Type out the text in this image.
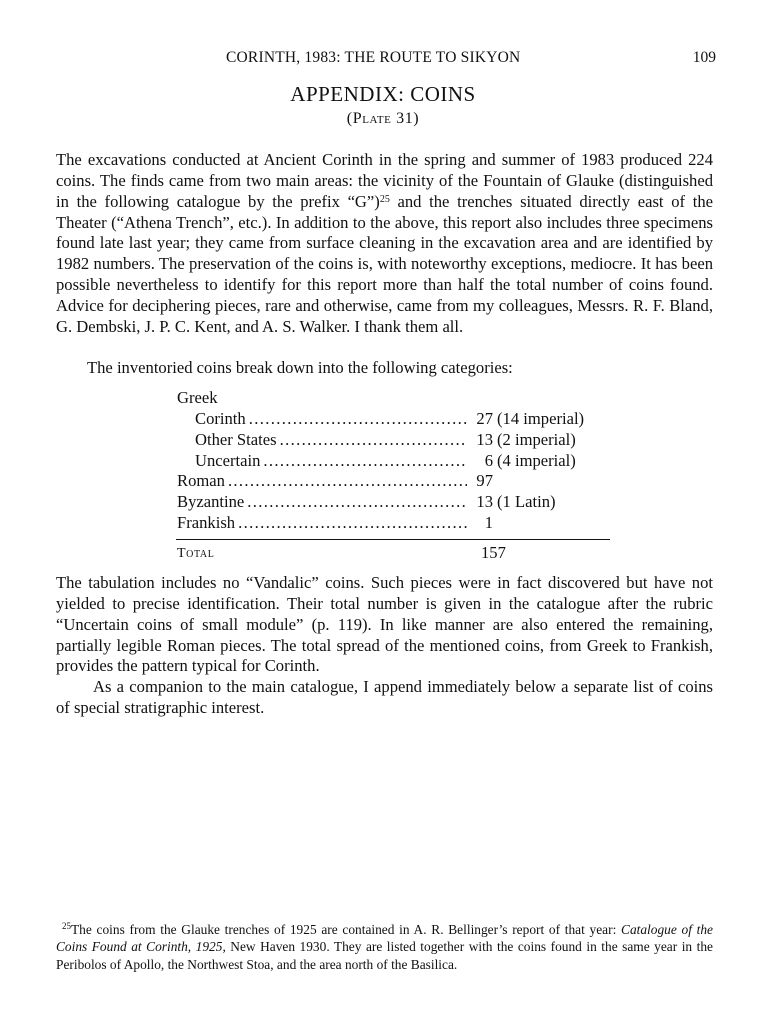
CORINTH, 1983: THE ROUTE TO SIKYON	109
APPENDIX: COINS
(Plate 31)

The excavations conducted at Ancient Corinth in the spring and summer of 1983 produced 224 coins. The finds came from two main areas: the vicinity of the Fountain of Glauke (distinguished in the following catalogue by the prefix “G”)$^{25}$ and the trenches situated directly east of the Theater (“Athena Trench”, etc.). In addition to the above, this report also includes three specimens found late last year; they came from surface cleaning in the excavation area and are identified by 1982 numbers. The preservation of the coins is, with noteworthy exceptions, mediocre. It has been possible nevertheless to identify for this report more than half the total number of coins found. Advice for deciphering pieces, rare and otherwise, came from my colleagues, Messrs. R. F. Bland, G. Dembski, J. P. C. Kent, and A. S. Walker. I thank them all.

The inventoried coins break down into the following categories:

Greek
Corinth . . .	27 (14 imperial)
Other States . . .	13 (2 imperial)
Uncertain . . .	6 (4 imperial)
Roman . . .	97
Byzantine . . .	13 (1 Latin)
Frankish . . .	1
Total	157

The tabulation includes no “Vandalic” coins. Such pieces were in fact discovered but have not yielded to precise identification. Their total number is given in the catalogue after the rubric “Uncertain coins of small module” (p. 119). In like manner are also entered the remaining, partially legible Roman pieces. The total spread of the mentioned coins, from Greek to Frankish, provides the pattern typical for Corinth.

As a companion to the main catalogue, I append immediately below a separate list of coins of special stratigraphic interest.

$^{25}$The coins from the Glauke trenches of 1925 are contained in A. R. Bellinger’s report of that year: Catalogue of the Coins Found at Corinth, 1925, New Haven 1930. They are listed together with the coins found in the same year in the Peribolos of Apollo, the Northwest Stoa, and the area north of the Basilica.
